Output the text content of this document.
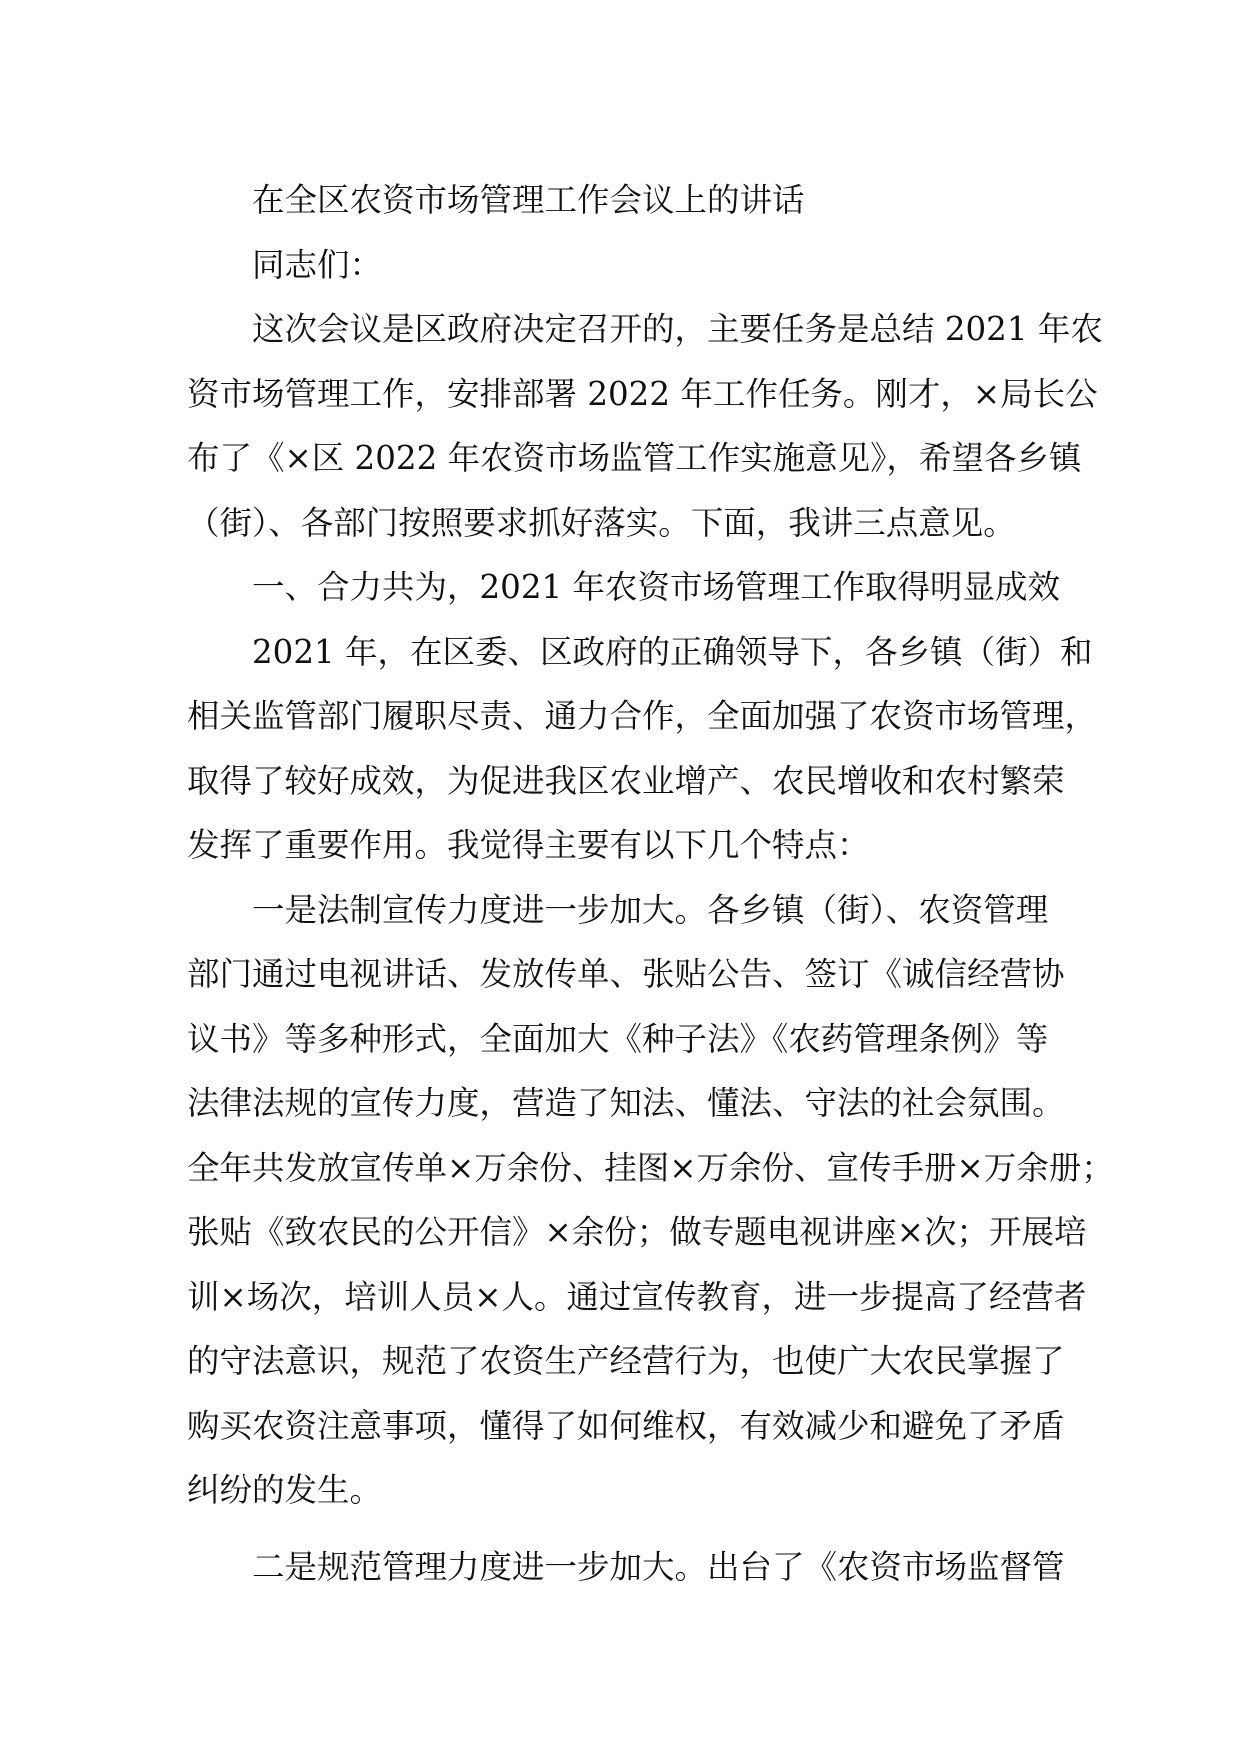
在全区农资市场管理工作会议上的讲话
同志们：
这次会议是区政府决定召开的，主要任务是总结 2021 年农
资市场管理工作，安排部署 2022 年工作任务。刚才，×局长公
布了《×区 2022 年农资市场监管工作实施意见》，希望各乡镇
（街）、各部门按照要求抓好落实。下面，我讲三点意见。
一、合力共为，2021 年农资市场管理工作取得明显成效
2021 年，在区委、区政府的正确领导下，各乡镇（街）和
相关监管部门履职尽责、通力合作，全面加强了农资市场管理，
取得了较好成效，为促进我区农业增产、农民增收和农村繁荣
发挥了重要作用。我觉得主要有以下几个特点：
一是法制宣传力度进一步加大。各乡镇（街）、农资管理
部门通过电视讲话、发放传单、张贴公告、签订《诚信经营协
议书》等多种形式，全面加大《种子法》《农药管理条例》等
法律法规的宣传力度，营造了知法、懂法、守法的社会氛围。
全年共发放宣传单×万余份、挂图×万余份、宣传手册×万余册；
张贴《致农民的公开信》×余份；做专题电视讲座×次；开展培
训×场次，培训人员×人。通过宣传教育，进一步提高了经营者
的守法意识，规范了农资生产经营行为，也使广大农民掌握了
购买农资注意事项，懂得了如何维权，有效减少和避免了矛盾
纠纷的发生。
二是规范管理力度进一步加大。出台了《农资市场监督管
